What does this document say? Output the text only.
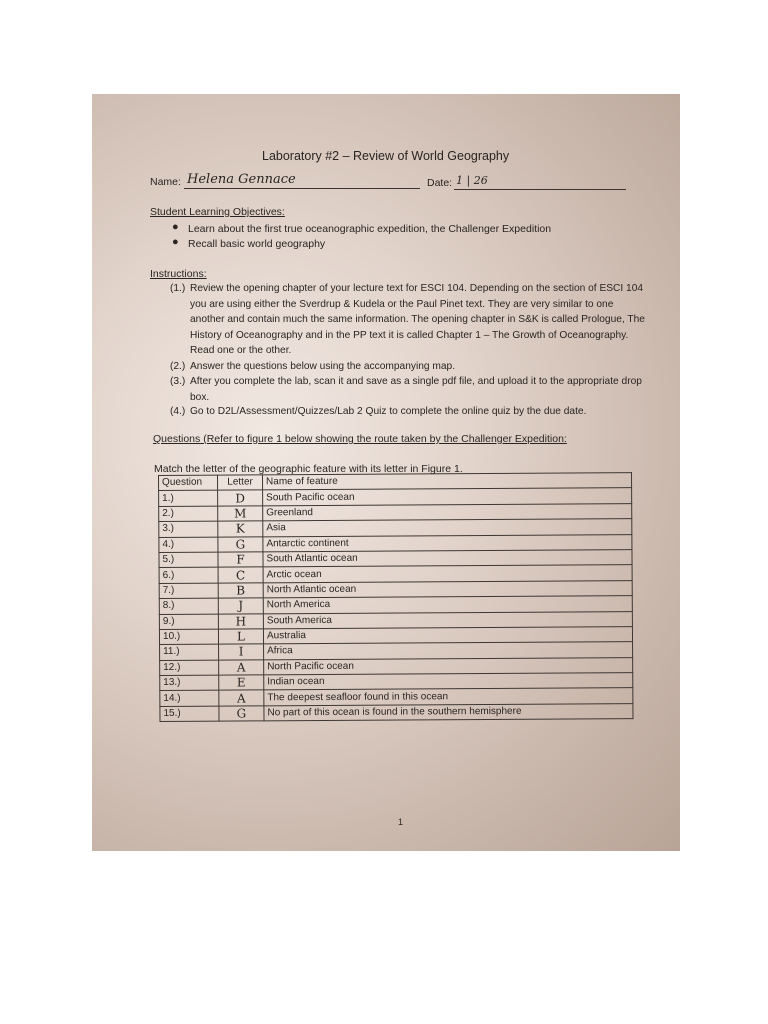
Laboratory #2 – Review of World Geography
Name: Helena Gennace	Date: 1 | 26
Student Learning Objectives:
● Learn about the first true oceanographic expedition, the Challenger Expedition
● Recall basic world geography
Instructions:
(1.) Review the opening chapter of your lecture text for ESCI 104. Depending on the section of ESCI 104 you are using either the Sverdrup & Kudela or the Paul Pinet text. They are very similar to one another and contain much the same information. The opening chapter in S&K is called Prologue, The History of Oceanography and in the PP text it is called Chapter 1 – The Growth of Oceanography. Read one or the other.
(2.) Answer the questions below using the accompanying map.
(3.) After you complete the lab, scan it and save as a single pdf file, and upload it to the appropriate drop box.
(4.) Go to D2L/Assessment/Quizzes/Lab 2 Quiz to complete the online quiz by the due date.
Questions (Refer to figure 1 below showing the route taken by the Challenger Expedition:
Match the letter of the geographic feature with its letter in Figure 1.
Question	Letter	Name of feature
1.)	D	South Pacific ocean
2.)	M	Greenland
3.)	K	Asia
4.)	G	Antarctic continent
5.)	F	South Atlantic ocean
6.)	C	Arctic ocean
7.)	B	North Atlantic ocean
8.)	J	North America
9.)	H	South America
10.)	L	Australia
11.)	I	Africa
12.)	A	North Pacific ocean
13.)	E	Indian ocean
14.)	A	The deepest seafloor found in this ocean
15.)	G	No part of this ocean is found in the southern hemisphere
1
